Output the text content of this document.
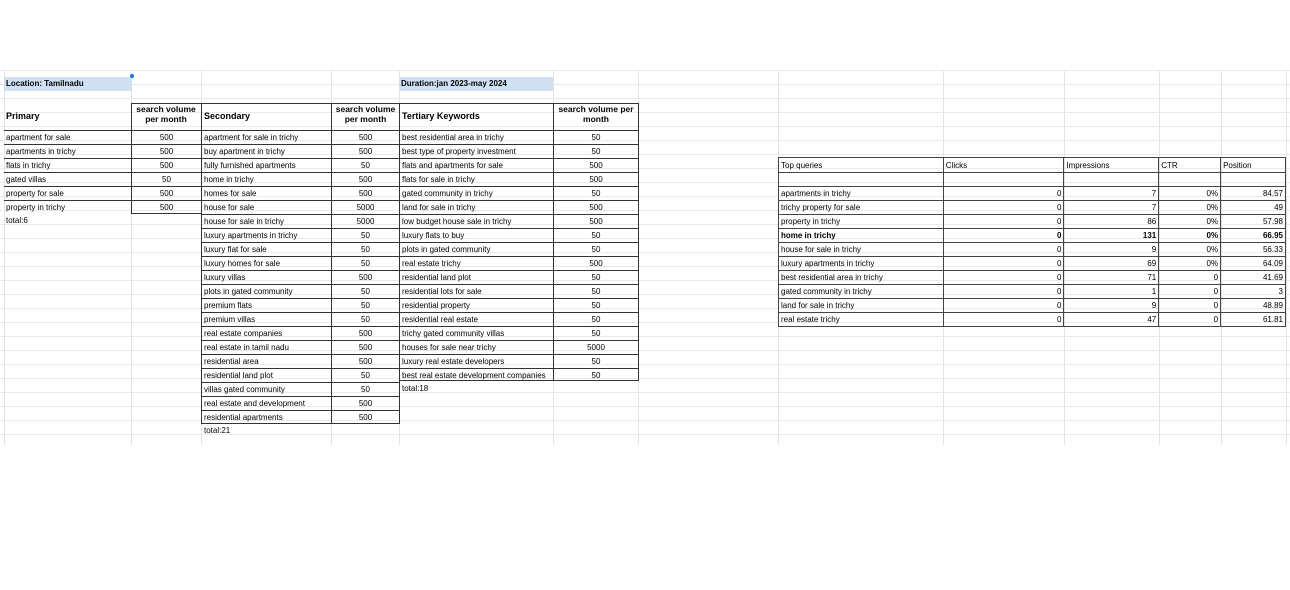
Location: Tamilnadu	Duration:jan 2023-may 2024
Primary
search volume
per month
apartment for sale	500
apartments in trichy	500
flats in trichy	500
gated villas	50
property for sale	500
property in trichy	500
total:6
Secondary
search volume
per month
apartment for sale in trichy	500
buy apartment in trichy	500
fully furnished apartments	50
home in trichy	500
homes for sale	500
house for sale	5000
house for sale in trichy	5000
luxury apartments in trichy	50
luxury flat for sale	50
luxury homes for sale	50
luxury villas	500
plots in gated community	50
premium flats	50
premium villas	50
real estate companies	500
real estate in tamil nadu	500
residential area	500
residential land plot	50
villas gated community	50
real estate and development	500
residential apartments	500
total:21
Tertiary Keywords
search volume per
month
best residential area in trichy	50
best type of property investment	50
flats and apartments for sale	500
flats for sale in trichy	500
gated community in trichy	50
land for sale in trichy	500
low budget house sale in trichy	500
luxury flats to buy	50
plots in gated community	50
real estate trichy	500
residential land plot	50
residential lots for sale	50
residential property	50
residential real estate	50
trichy gated community villas	50
houses for sale near trichy	5000
luxury real estate developers	50
best real estate development companies	50
total:18
Top queries	Clicks	Impressions	CTR	Position

apartments in trichy	0	7	0%	84.57
trichy property for sale	0	7	0%	49
property in trichy	0	86	0%	57.98
home in trichy	0	131	0%	66.95
house for sale in trichy	0	9	0%	56.33
luxury apartments in trichy	0	69	0%	64.09
best residential area in trichy	0	71	0	41.69
gated community in trichy	0	1	0	3
land for sale in trichy	0	9	0	48.89
real estate trichy	0	47	0	61.81
